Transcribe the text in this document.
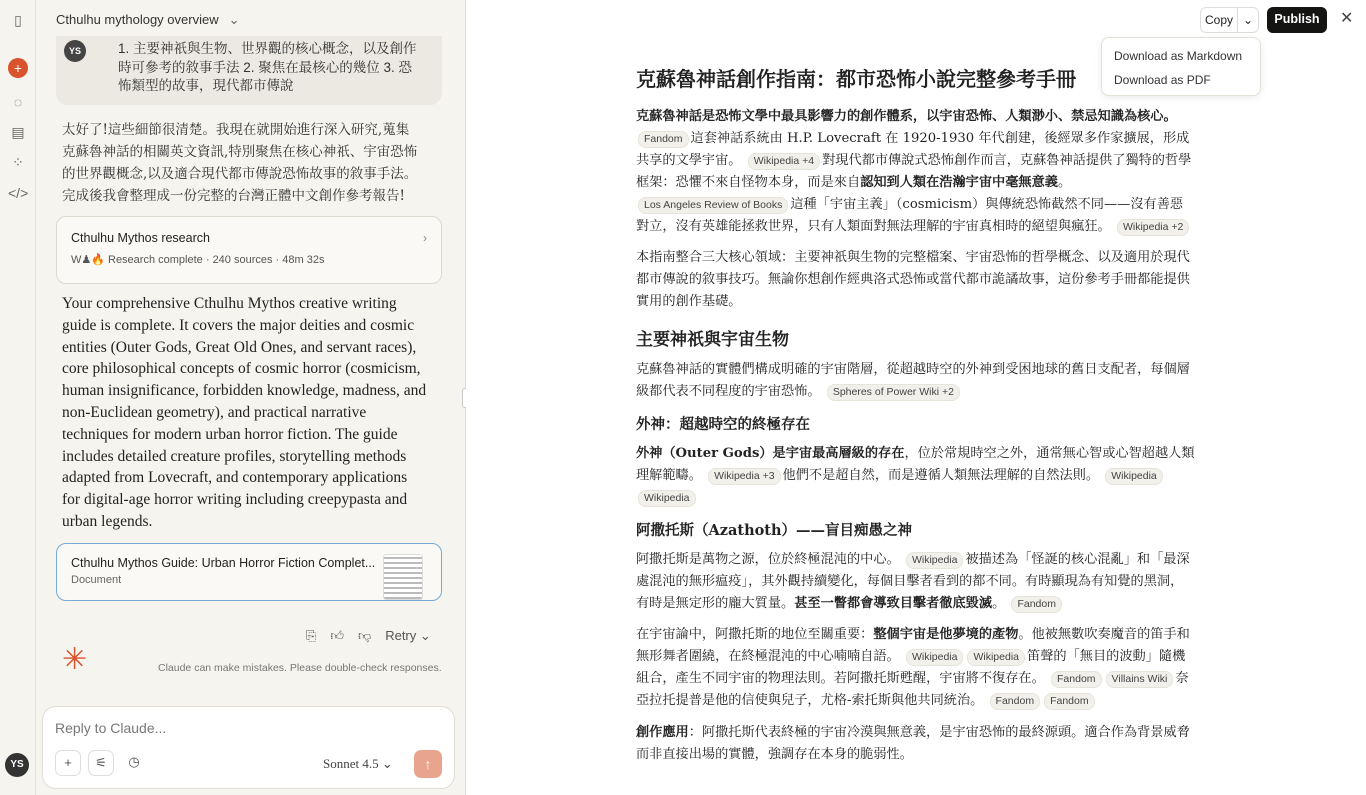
▯
+
◌
▤
⁘
</>
YS
Cthulhu mythology overview ⌄
YS	1. 主要神祇與生物、世界觀的核心概念，以及創作時可參考的敘事手法 2. 聚焦在最核心的幾位 3. 恐怖類型的故事，現代都市傳說
太好了!這些細節很清楚。我現在就開始進行深入研究,蒐集克蘇魯神話的相關英文資訊,特別聚焦在核心神祇、宇宙恐怖的世界觀概念,以及適合現代都市傳說恐怖故事的敘事手法。完成後我會整理成一份完整的台灣正體中文創作參考報告!
Cthulhu Mythos research
W♟︎🔥 Research complete · 240 sources · 48m 32s
›
Your comprehensive Cthulhu Mythos creative writing guide is complete. It covers the major deities and cosmic entities (Outer Gods, Great Old Ones, and servant races), core philosophical concepts of cosmic horror (cosmicism, human insignificance, forbidden knowledge, madness, and non-Euclidean geometry), and practical narrative techniques for modern urban horror fiction. The guide includes detailed creature profiles, storytelling methods adapted from Lovecraft, and contemporary applications for digital-age horror writing including creepypasta and urban legends.
Cthulhu Mythos Guide: Urban Horror Fiction Complet...
Document
⎘ 👍︎ 👎︎ Retry ⌄
✳	Claude can make mistakes. Please double-check responses.
Reply to Claude...
+	⚟	◷	Sonnet 4.5 ⌄	↑
Copy ⌄	Publish	✕
克蘇魯神話創作指南：都市恐怖小說完整參考手冊

克蘇魯神話是恐怖文學中最具影響力的創作體系，以宇宙恐怖、人類渺小、禁忌知識為核心。 Fandom 這套神話系統由 H.P. Lovecraft 在 1920-1930 年代創建，後經眾多作家擴展，形成共享的文學宇宙。 Wikipedia +4 對現代都市傳說式恐怖創作而言，克蘇魯神話提供了獨特的哲學框架：恐懼不來自怪物本身，而是來自認知到人類在浩瀚宇宙中毫無意義。 Los Angeles Review of Books 這種「宇宙主義」（cosmicism）與傳統恐怖截然不同——沒有善惡對立，沒有英雄能拯救世界，只有人類面對無法理解的宇宙真相時的絕望與瘋狂。 Wikipedia +2

本指南整合三大核心領域：主要神祇與生物的完整檔案、宇宙恐怖的哲學概念、以及適用於現代都市傳說的敘事技巧。無論你想創作經典洛式恐怖或當代都市詭譎故事，這份參考手冊都能提供實用的創作基礎。

主要神祇與宇宙生物

克蘇魯神話的實體們構成明確的宇宙階層，從超越時空的外神到受困地球的舊日支配者，每個層級都代表不同程度的宇宙恐怖。 Spheres of Power Wiki +2

外神：超越時空的終極存在

外神（Outer Gods）是宇宙最高層級的存在，位於常規時空之外，通常無心智或心智超越人類理解範疇。 Wikipedia +3 他們不是超自然，而是遵循人類無法理解的自然法則。 Wikipedia Wikipedia

阿撒托斯（Azathoth）——盲目痴愚之神

阿撒托斯是萬物之源，位於終極混沌的中心。 Wikipedia 被描述為「怪誕的核心混亂」和「最深處混沌的無形瘟疫」，其外觀持續變化，每個目擊者看到的都不同。有時顯現為有知覺的黑洞，有時是無定形的龐大質量。甚至一瞥都會導致目擊者徹底毀滅。 Fandom

在宇宙論中，阿撒托斯的地位至關重要：整個宇宙是他夢境的產物。他被無數吹奏魔音的笛手和無形舞者圍繞，在終極混沌的中心喃喃自語。 Wikipedia Wikipedia 笛聲的「無目的波動」隨機組合，產生不同宇宙的物理法則。若阿撒托斯甦醒，宇宙將不復存在。 Fandom Villains Wiki 奈亞拉托提普是他的信使與兒子，尤格-索托斯與他共同統治。 Fandom Fandom

創作應用：阿撒托斯代表終極的宇宙冷漠與無意義，是宇宙恐怖的最終源頭。適合作為背景威脅而非直接出場的實體，強調存在本身的脆弱性。

Download as Markdown
Download as PDF
